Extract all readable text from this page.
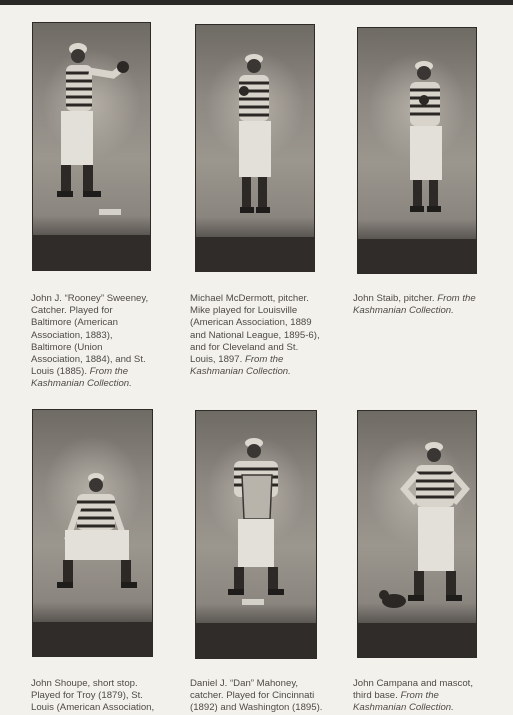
John J. “Rooney” Sweeney, Catcher. Played for Baltimore (American Association, 1883), Baltimore (Union Association, 1884), and St. Louis (1885). From the Kashmanian Collection.
Michael McDermott, pitcher. Mike played for Louisville (American Association, 1889 and National League, 1895-6), and for Cleveland and St. Louis, 1897. From the Kashmanian Collection.
John Staib, pitcher. From the Kashmanian Collection.
John Shoupe, short stop. Played for Troy (1879), St. Louis (American Association,
Daniel J. “Dan” Mahoney, catcher. Played for Cincinnati (1892) and Washington (1895).
John Campana and mascot, third base. From the Kashmanian Collection.
